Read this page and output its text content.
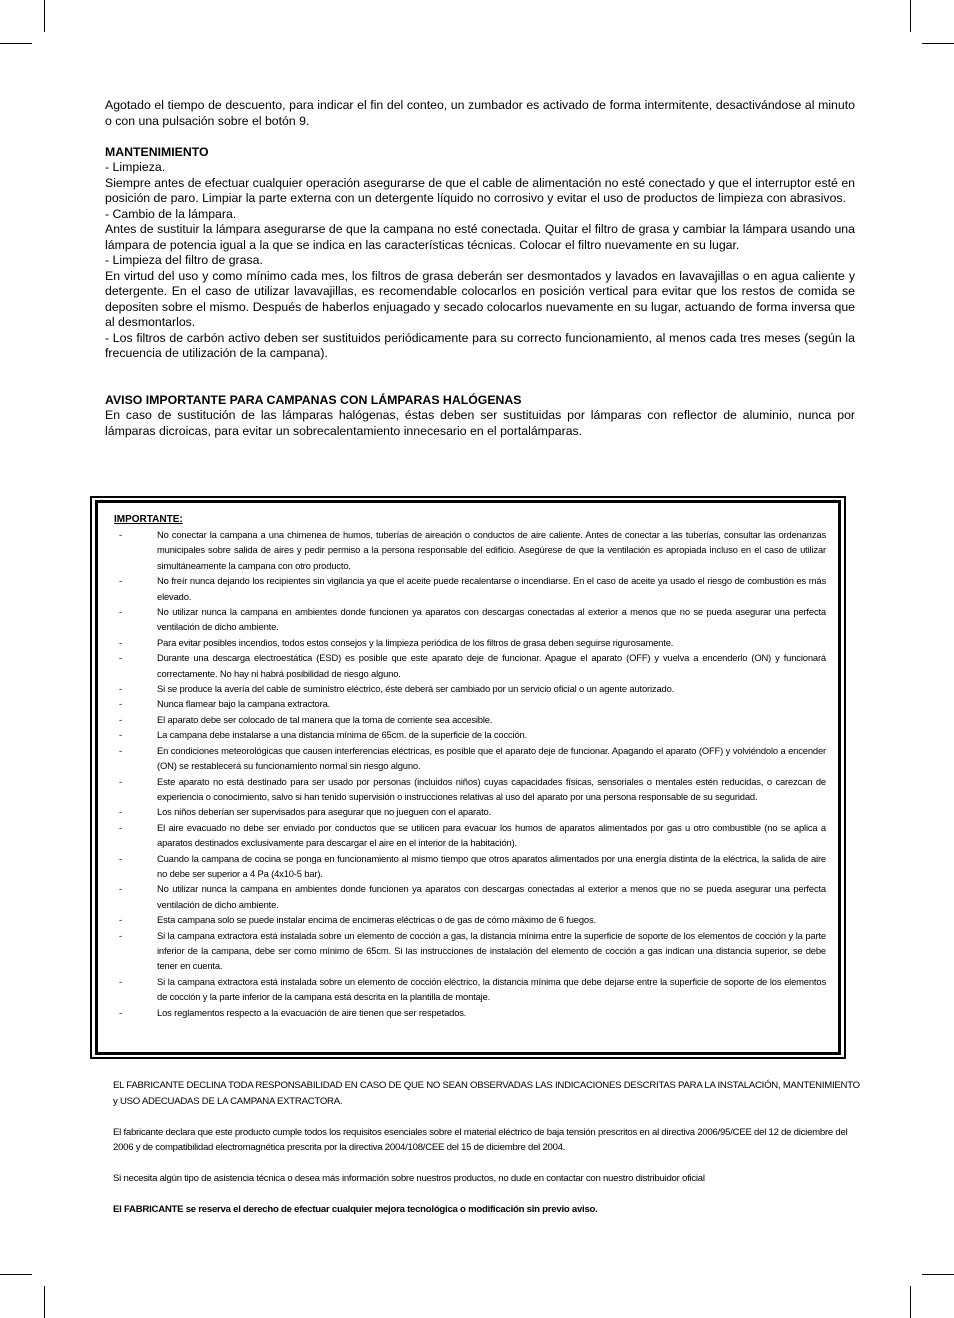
Agotado el tiempo de descuento, para indicar el fin del conteo, un zumbador es activado de forma intermitente, desactivándose al minuto o con una pulsación sobre el botón 9.

MANTENIMIENTO

- Limpieza.

Siempre antes de efectuar cualquier operación asegurarse de que el cable de alimentación no esté conectado y que el interruptor esté en posición de paro. Limpiar la parte externa con un detergente líquido no corrosivo y evitar el uso de productos de limpieza con abrasivos.

- Cambio de la lámpara.

Antes de sustituir la lámpara asegurarse de que la campana no esté conectada. Quitar el filtro de grasa y cambiar la lámpara usando una lámpara de potencia igual a la que se indica en las características técnicas. Colocar el filtro nuevamente en su lugar.

- Limpieza del filtro de grasa.

En virtud del uso y como mínimo cada mes, los filtros de grasa deberán ser desmontados y lavados en lavavajillas o en agua caliente y detergente. En el caso de utilizar lavavajillas, es recomendable colocarlos en posición vertical para evitar que los restos de comida se depositen sobre el mismo. Después de haberlos enjuagado y secado colocarlos nuevamente en su lugar, actuando de forma inversa que al desmontarlos.

- Los filtros de carbón activo deben ser sustituidos periódicamente para su correcto funcionamiento, al menos cada tres meses (según la frecuencia de utilización de la campana).

AVISO IMPORTANTE PARA CAMPANAS CON LÁMPARAS HALÓGENAS

En caso de sustitución de las lámparas halógenas, éstas deben ser sustituidas por lámparas con reflector de aluminio, nunca por lámparas dicroicas, para evitar un sobrecalentamiento innecesario en el portalámparas.

IMPORTANTE:
-	No conectar la campana a una chimenea de humos, tuberías de aireación o conductos de aire caliente. Antes de conectar a las tuberías, consultar las ordenanzas municipales sobre salida de aires y pedir permiso a la persona responsable del edificio. Asegúrese de que la ventilación es apropiada incluso en el caso de utilizar simultáneamente la campana con otro producto.
-	No freír nunca dejando los recipientes sin vigilancia ya que el aceite puede recalentarse o incendiarse. En el caso de aceite ya usado el riesgo de combustión es más elevado.
-	No utilizar nunca la campana en ambientes donde funcionen ya aparatos con descargas conectadas al exterior a menos que no se pueda asegurar una perfecta ventilación de dicho ambiente.
-	Para evitar posibles incendios, todos estos consejos y la limpieza periódica de los filtros de grasa deben seguirse rigurosamente.
-	Durante una descarga electroestática (ESD) es posible que este aparato deje de funcionar. Apague el aparato (OFF) y vuelva a encenderlo (ON) y funcionará correctamente. No hay ni habrá posibilidad de riesgo alguno.
-	Si se produce la avería del cable de suministro eléctrico, éste deberá ser cambiado por un servicio oficial o un agente autorizado.
-	Nunca flamear bajo la campana extractora.
-	El aparato debe ser colocado de tal manera que la toma de corriente sea accesible.
-	La campana debe instalarse a una distancia mínima de 65cm. de la superficie de la cocción.
-	En condiciones meteorológicas que causen interferencias eléctricas, es posible que el aparato deje de funcionar. Apagando el aparato (OFF) y volviéndolo a encender (ON) se restablecerá su funcionamiento normal sin riesgo alguno.
-	Este aparato no está destinado para ser usado por personas (incluidos niños) cuyas capacidades físicas, sensoriales o mentales estén reducidas, o carezcan de experiencia o conocimiento, salvo si han tenido supervisión o instrucciones relativas al uso del aparato por una persona responsable de su seguridad.
-	Los niños deberían ser supervisados para asegurar que no jueguen con el aparato.
-	El aire evacuado no debe ser enviado por conductos que se utilicen para evacuar los humos de aparatos alimentados por gas u otro combustible (no se aplica a aparatos destinados exclusivamente para descargar el aire en el interior de la habitación).
-	Cuando la campana de cocina se ponga en funcionamiento al mismo tiempo que otros aparatos alimentados por una energía distinta de la eléctrica, la salida de aire no debe ser superior a 4 Pa (4x10-5 bar).
-	No utilizar nunca la campana en ambientes donde funcionen ya aparatos con descargas conectadas al exterior a menos que no se pueda asegurar una perfecta ventilación de dicho ambiente.
-	Esta campana solo se puede instalar encima de encimeras eléctricas o de gas de cómo máximo de 6 fuegos.
-	Si la campana extractora está instalada sobre un elemento de cocción a gas, la distancia mínima entre la superficie de soporte de los elementos de cocción y la parte inferior de la campana, debe ser como mínimo de 65cm. Si las instrucciones de instalación del elemento de cocción a gas indican una distancia superior, se debe tener en cuenta.
-	Si la campana extractora está instalada sobre un elemento de cocción eléctrico, la distancia mínima que debe dejarse entre la superficie de soporte de los elementos de cocción y la parte inferior de la campana está descrita en la plantilla de montaje.
-	Los reglamentos respecto a la evacuación de aire tienen que ser respetados.

EL FABRICANTE DECLINA TODA RESPONSABILIDAD EN CASO DE QUE NO SEAN OBSERVADAS LAS INDICACIONES DESCRITAS PARA LA INSTALACIÓN, MANTENIMIENTO y USO ADECUADAS DE LA CAMPANA EXTRACTORA.

El fabricante declara que este producto cumple todos los requisitos esenciales sobre el material eléctrico de baja tensión prescritos en al directiva 2006/95/CEE del 12 de diciembre del 2006 y de compatibilidad electromagnética prescrita por la directiva 2004/108/CEE del 15 de diciembre del 2004.

Si necesita algún tipo de asistencia técnica o desea más información sobre nuestros productos, no dude en contactar con nuestro distribuidor oficial

El FABRICANTE se reserva el derecho de efectuar cualquier mejora tecnológica o modificación sin previo aviso.
